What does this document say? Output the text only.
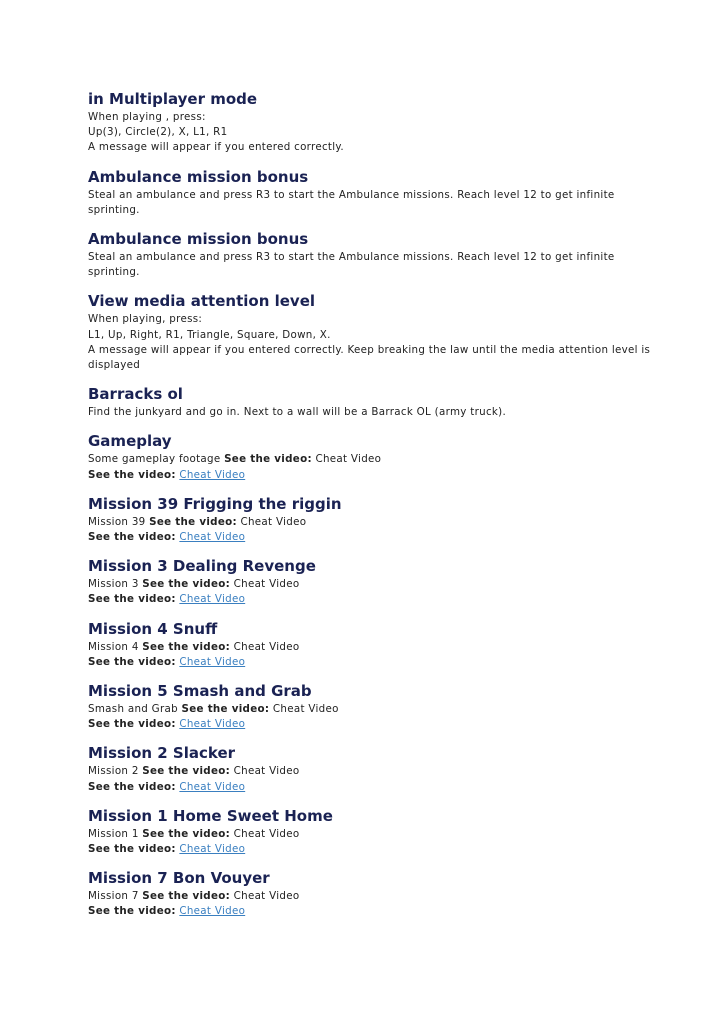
in Multiplayer mode

When playing , press:

Up(3), Circle(2), X, L1, R1

A message will appear if you entered correctly.

Ambulance mission bonus

Steal an ambulance and press R3 to start the Ambulance missions. Reach level 12 to get infinite

sprinting.

Ambulance mission bonus

Steal an ambulance and press R3 to start the Ambulance missions. Reach level 12 to get infinite

sprinting.

View media attention level

When playing, press:

L1, Up, Right, R1, Triangle, Square, Down, X.

A message will appear if you entered correctly. Keep breaking the law until the media attention level is

displayed

Barracks ol

Find the junkyard and go in. Next to a wall will be a Barrack OL (army truck).

Gameplay

Some gameplay footage See the video: Cheat Video

See the video: Cheat Video

Mission 39 Frigging the riggin

Mission 39 See the video: Cheat Video

See the video: Cheat Video

Mission 3 Dealing Revenge

Mission 3 See the video: Cheat Video

See the video: Cheat Video

Mission 4 Snuff

Mission 4 See the video: Cheat Video

See the video: Cheat Video

Mission 5 Smash and Grab

Smash and Grab See the video: Cheat Video

See the video: Cheat Video

Mission 2 Slacker

Mission 2 See the video: Cheat Video

See the video: Cheat Video

Mission 1 Home Sweet Home

Mission 1 See the video: Cheat Video

See the video: Cheat Video

Mission 7 Bon Vouyer

Mission 7 See the video: Cheat Video

See the video: Cheat Video
